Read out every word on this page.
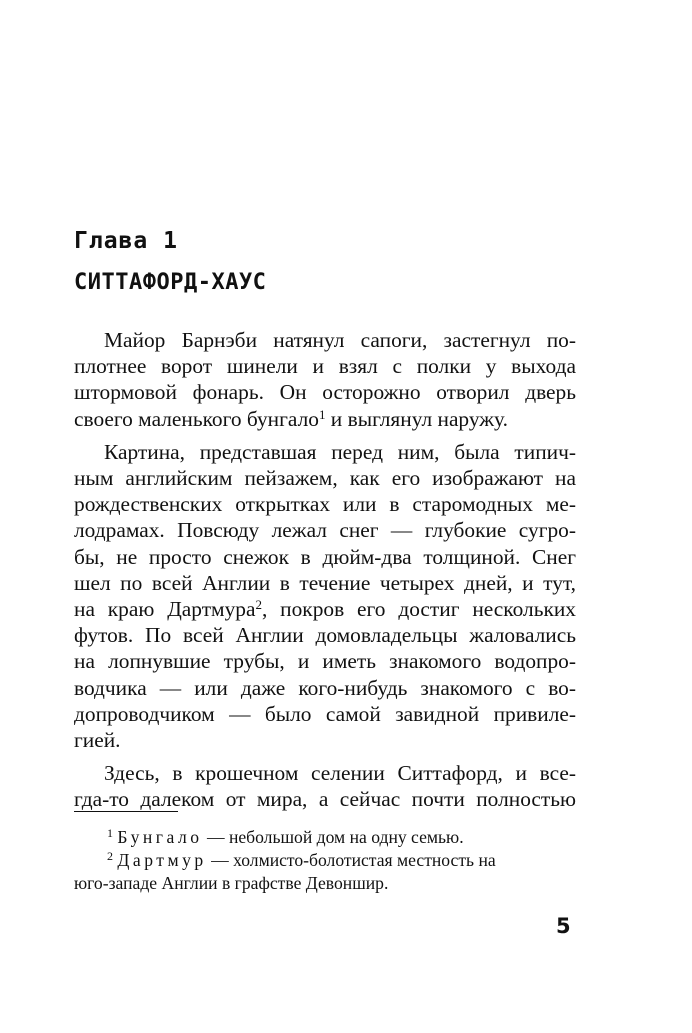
Глава 1
СИТТАФОРД-ХАУС

Майор Барнэби натянул сапоги, застегнул по-
плотнее ворот шинели и взял с полки у выхода
штормовой фонарь. Он осторожно отворил дверь
своего маленького бунгало$^1$ и выглянул наружу.

Картина, представшая перед ним, была типич-
ным английским пейзажем, как его изображают на
рождественских открытках или в старомодных ме-
лодрамах. Повсюду лежал снег — глубокие сугро-
бы, не просто снежок в дюйм-два толщиной. Снег
шел по всей Англии в течение четырех дней, и тут,
на краю Дартмура$^2$, покров его достиг нескольких
футов. По всей Англии домовладельцы жаловались
на лопнувшие трубы, и иметь знакомого водопро-
водчика — или даже кого-нибудь знакомого с во-
допроводчиком — было самой завидной привиле-
гией.

Здесь, в крошечном селении Ситтафорд, и все-
гда-то далеком от мира, а сейчас почти полностью

$^1$ Бунгало — небольшой дом на одну семью.
$^2$ Дартмур — холмисто-болотистая местность на
юго-западе Англии в графстве Девоншир.
5
